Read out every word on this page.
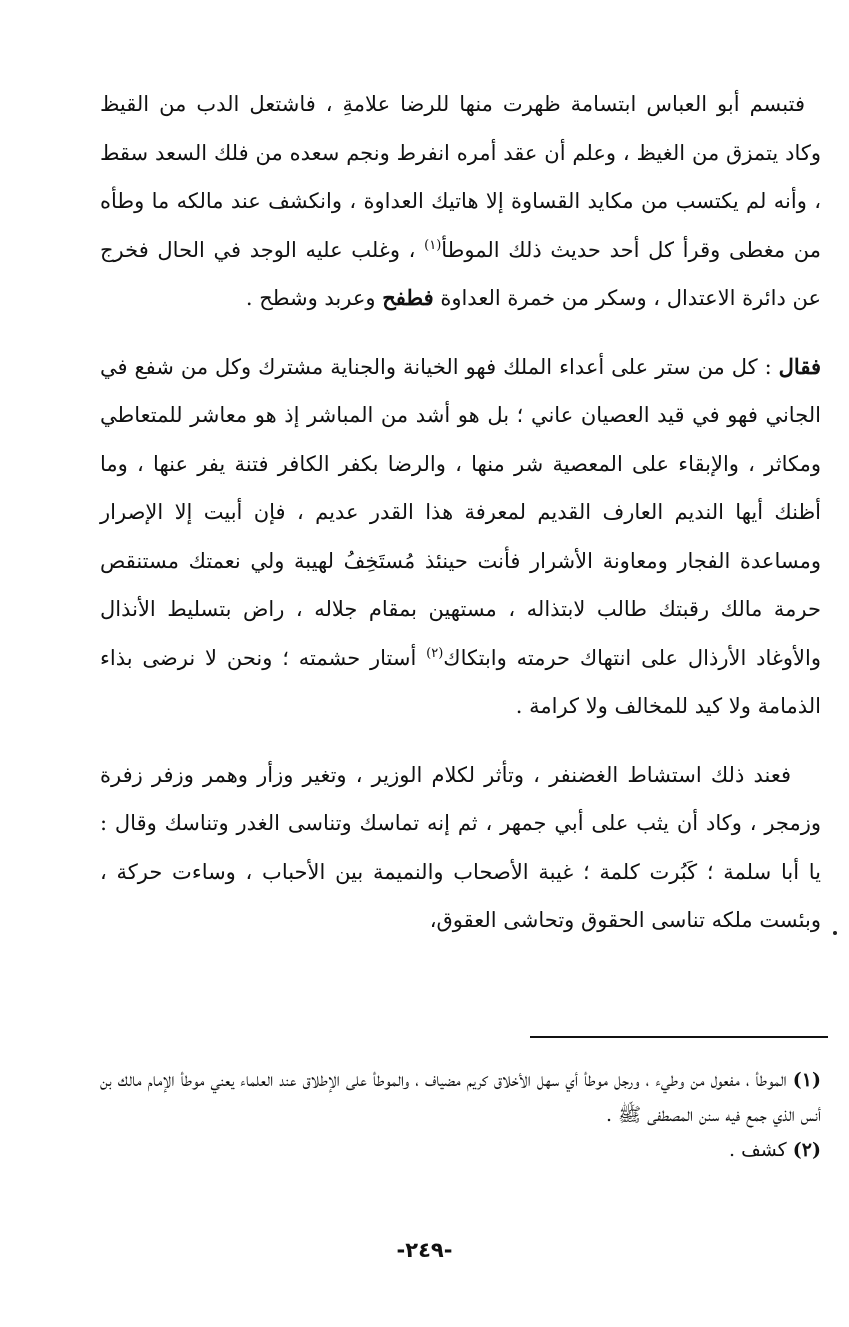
فتبسم أبو العباس ابتسامة ظهرت منها للرضا علامةِ ، فاشتعل الدب من القيظ وكاد يتمزق من الغيظ ، وعلم أن عقد أمره انفرط ونجم سعده من فلك السعد سقط ، وأنه لم يكتسب من مكايد القساوة إلا هاتيك العداوة ، وانكشف عند مالكه ما وطأه من مغطى وقرأ كل أحد حديث ذلك الموطأ$^{(١)}$ ، وغلب عليه الوجد في الحال فخرج عن دائرة الاعتدال ، وسكر من خمرة العداوة فطفح وعربد وشطح .

فقال : كل من ستر على أعداء الملك فهو الخيانة والجناية مشترك وكل من شفع في الجاني فهو في قيد العصيان عاني ؛ بل هو أشد من المباشر إذ هو معاشر للمتعاطي ومكاثر ، والإبقاء على المعصية شر منها ، والرضا بكفر الكافر فتنة يفر عنها ، وما أظنك أيها النديم العارف القديم لمعرفة هذا القدر عديم ، فإن أبيت إلا الإصرار ومساعدة الفجار ومعاونة الأشرار فأنت حينئذ مُستَخِفُ لهيبة ولي نعمتك مستنقص حرمة مالك رقبتك طالب لابتذاله ، مستهين بمقام جلاله ، راض بتسليط الأنذال والأوغاد الأرذال على انتهاك حرمته وابتكاك$^{(٢)}$ أستار حشمته ؛ ونحن لا نرضى بذاء الذمامة ولا كيد للمخالف ولا كرامة .

فعند ذلك استشاط الغضنفر ، وتأثر لكلام الوزير ، وتغير وزأر وهمر وزفر زفرة وزمجر ، وكاد أن يثب على أبي جمهر ، ثم إنه تماسك وتناسى الغدر وتناسك وقال : يا أبا سلمة ؛ كَبُرت كلمة ؛ غيبة الأصحاب والنميمة بين الأحباب ، وساءت حركة ، وبئست ملكه تناسى الحقوق وتحاشى العقوق،

(١) الموطأ ، مفعول من وطيء ، ورجل موطأ أي سهل الأخلاق كريم مضياف ، والموطأ على الإطلاق عند العلماء يعني موطأ الإمام مالك بن أنس الذي جمع فيه سنن المصطفى ﷺ .

(٢) كشف .

-٢٤٩-
